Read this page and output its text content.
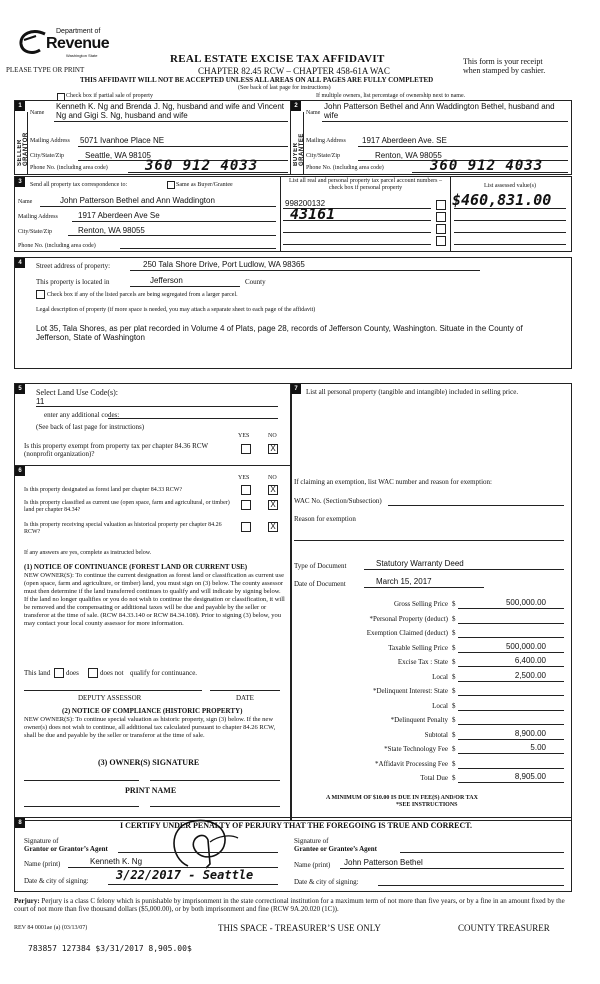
Department of
Revenue
Washington State
PLEASE TYPE OR PRINT
REAL ESTATE EXCISE TAX AFFIDAVIT
CHAPTER 82.45 RCW – CHAPTER 458-61A WAC
This form is your receipt
when stamped by cashier.
THIS AFFIDAVIT WILL NOT BE ACCEPTED UNLESS ALL AREAS ON ALL PAGES ARE FULLY COMPLETED
(See back of last page for instructions)
Check box if partial sale of property	If multiple owners, list percentage of ownership next to name.
1
SELLER GRANTOR
Name
Kenneth K. Ng and Brenda J. Ng, husband and wife and Vincent Ng and Gigi S. Ng, husband and wife
Mailing Address 5071 Ivanhoe Place NE
City/State/Zip	Seattle, WA 98105
Phone No. (including area code)	360 912 4033
2
BUYER GRANTEE
Name
John Patterson Bethel and Ann Waddington Bethel, husband and wife
Mailing Address 1917 Aberdeen Ave. SE
City/State/Zip	Renton, WA 98055
Phone No. (including area code)	360 912 4033
3	Send all property tax correspondence to:	Same as Buyer/Grantee
Name	John Patterson Bethel and Ann Waddington
Mailing Address	1917 Aberdeen Ave Se
City/State/Zip	Renton, WA 98055
Phone No. (including area code)
List all real and personal property tax parcel account numbers – check box if personal property	List assessed value(s)
998200132
43161
$460,831.00
4	Street address of property:	250 Tala Shore Drive, Port Ludlow, WA 98365
This property is located in	Jefferson	County
Check box if any of the listed parcels are being segregated from a larger parcel.
Legal description of property (if more space is needed, you may attach a separate sheet to each page of the affidavit)
Lot 35, Tala Shores, as per plat recorded in Volume 4 of Plats, page 28, records of Jefferson County, Washington. Situate in the County of Jefferson, State of Washington
5	Select Land Use Code(s):
11
enter any additional codes:
(See back of last page for instructions)
YES	NO
Is this property exempt from property tax per chapter 84.36 RCW (nonprofit organization)?
X
6
YES	NO
Is this property designated as forest land per chapter 84.33 RCW?	X
Is this property classified as current use (open space, farm and agricultural, or timber) land per chapter 84.34?
X
Is this property receiving special valuation as historical property per chapter 84.26 RCW?
X
If any answers are yes, complete as instructed below.
(1) NOTICE OF CONTINUANCE (FOREST LAND OR CURRENT USE)
NEW OWNER(S): To continue the current designation as forest land or classification as current use (open space, farm and agriculture, or timber) land, you must sign on (3) below. The county assessor must then determine if the land transferred continues to qualify and will indicate by signing below. If the land no longer qualifies or you do not wish to continue the designation or classification, it will be removed and the compensating or additional taxes will be due and payable by the seller or transferor at the time of sale. (RCW 84.33.140 or RCW 84.34.108). Prior to signing (3) below, you may contact your local county assessor for more information.
This land does	does not qualify for continuance.
DEPUTY ASSESSOR	DATE
(2) NOTICE OF COMPLIANCE (HISTORIC PROPERTY)
NEW OWNER(S): To continue special valuation as historic property, sign (3) below. If the new owner(s) does not wish to continue, all additional tax calculated pursuant to chapter 84.26 RCW, shall be due and payable by the seller or transferor at the time of sale.
(3) OWNER(S) SIGNATURE
PRINT NAME
7	List all personal property (tangible and intangible) included in selling price.
If claiming an exemption, list WAC number and reason for exemption:
WAC No. (Section/Subsection)
Reason for exemption
Type of Document	Statutory Warranty Deed
Date of Document	March 15, 2017
Gross Selling Price $	500,000.00
*Personal Property (deduct) $
Exemption Claimed (deduct) $
Taxable Selling Price $	500,000.00
Excise Tax : State $	6,400.00
Local $	2,500.00
*Delinquent Interest: State $
Local $
*Delinquent Penalty $
Subtotal $	8,900.00
*State Technology Fee $	5.00
*Affidavit Processing Fee $
Total Due $	8,905.00
A MINIMUM OF $10.00 IS DUE IN FEE(S) AND/OR TAX
*SEE INSTRUCTIONS
8	I CERTIFY UNDER PENALTY OF PERJURY THAT THE FOREGOING IS TRUE AND CORRECT.
Signature of
Grantor or Grantor’s Agent
Name (print)	Kenneth K. Ng
Date & city of signing: 3/22/2017 - Seattle
Signature of
Grantee or Grantee’s Agent
Name (print) John Patterson Bethel
Date & city of signing:
Perjury: Perjury is a class C felony which is punishable by imprisonment in the state correctional institution for a maximum term of not more than five years, or by a fine in an amount fixed by the court of not more than five thousand dollars ($5,000.00), or by both imprisonment and fine (RCW 9A.20.020 (1C)).
REV 84 0001ae (a) (03/13/07)	THIS SPACE - TREASURER’S USE ONLY	COUNTY TREASURER
783857 127384 $3/31/2017 8,905.00$
